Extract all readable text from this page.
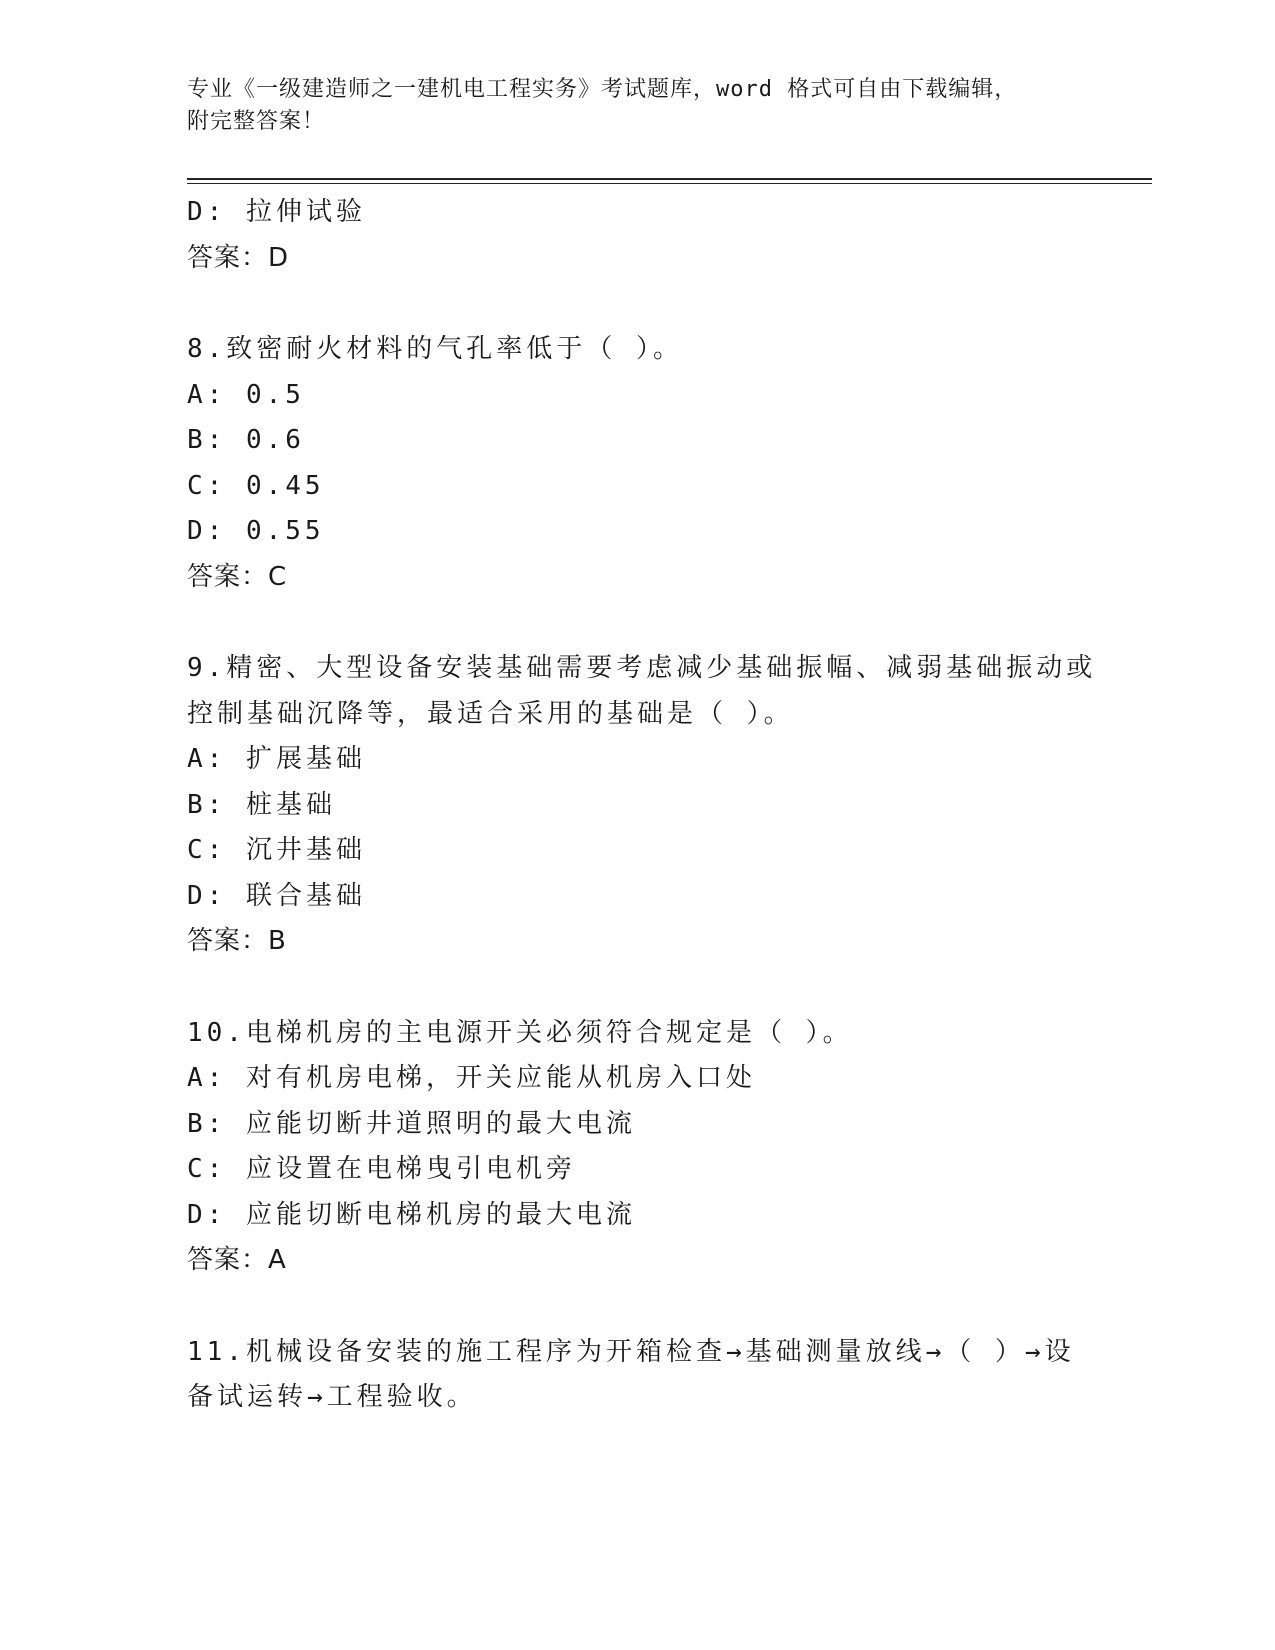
专业《一级建造师之一建机电工程实务》考试题库，word 格式可自由下载编辑，
附完整答案！
D: 拉伸试验
答案：D
8.致密耐火材料的气孔率低于（ ）。
A: 0.5
B: 0.6
C: 0.45
D: 0.55
答案：C
9.精密、大型设备安装基础需要考虑减少基础振幅、减弱基础振动或
控制基础沉降等，最适合采用的基础是（ ）。
A: 扩展基础
B: 桩基础
C: 沉井基础
D: 联合基础
答案：B
10.电梯机房的主电源开关必须符合规定是（ ）。
A: 对有机房电梯，开关应能从机房入口处
B: 应能切断井道照明的最大电流
C: 应设置在电梯曳引电机旁
D: 应能切断电梯机房的最大电流
答案：A
11.机械设备安装的施工程序为开箱检查→基础测量放线→（ ）→设
备试运转→工程验收。
